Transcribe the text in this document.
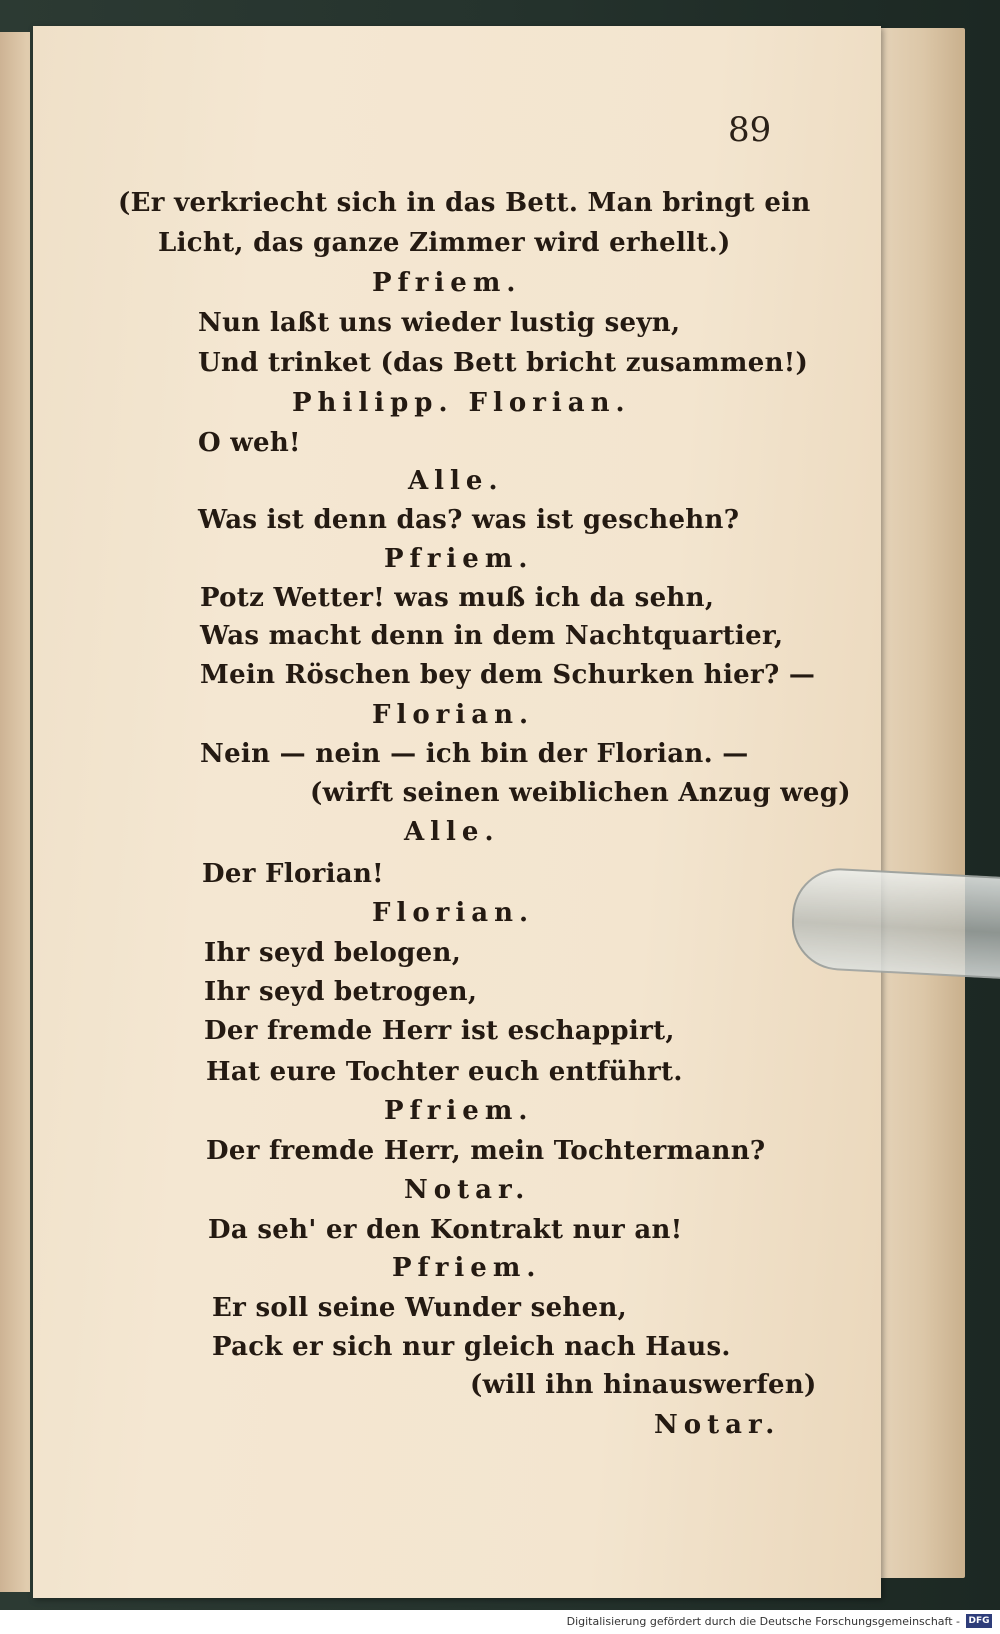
89
(Er verkriecht sich in das Bett. Man bringt ein
Licht, das ganze Zimmer wird erhellt.)
Pfriem.
Nun laßt uns wieder lustig seyn,
Und trinket (das Bett bricht zusammen!)
Philipp. Florian.
O weh!
Alle.
Was ist denn das? was ist geschehn?
Pfriem.
Potz Wetter! was muß ich da sehn,
Was macht denn in dem Nachtquartier,
Mein Röschen bey dem Schurken hier? —
Florian.
Nein — nein — ich bin der Florian. —
(wirft seinen weiblichen Anzug weg)
Alle.
Der Florian!
Florian.
Ihr seyd belogen,
Ihr seyd betrogen,
Der fremde Herr ist eschappirt,
Hat eure Tochter euch entführt.
Pfriem.
Der fremde Herr, mein Tochtermann?
Notar.
Da seh' er den Kontrakt nur an!
Pfriem.
Er soll seine Wunder sehen,
Pack er sich nur gleich nach Haus.
(will ihn hinauswerfen)
Notar.
Digitalisierung gefördert durch die Deutsche Forschungsgemeinschaft - DFG
